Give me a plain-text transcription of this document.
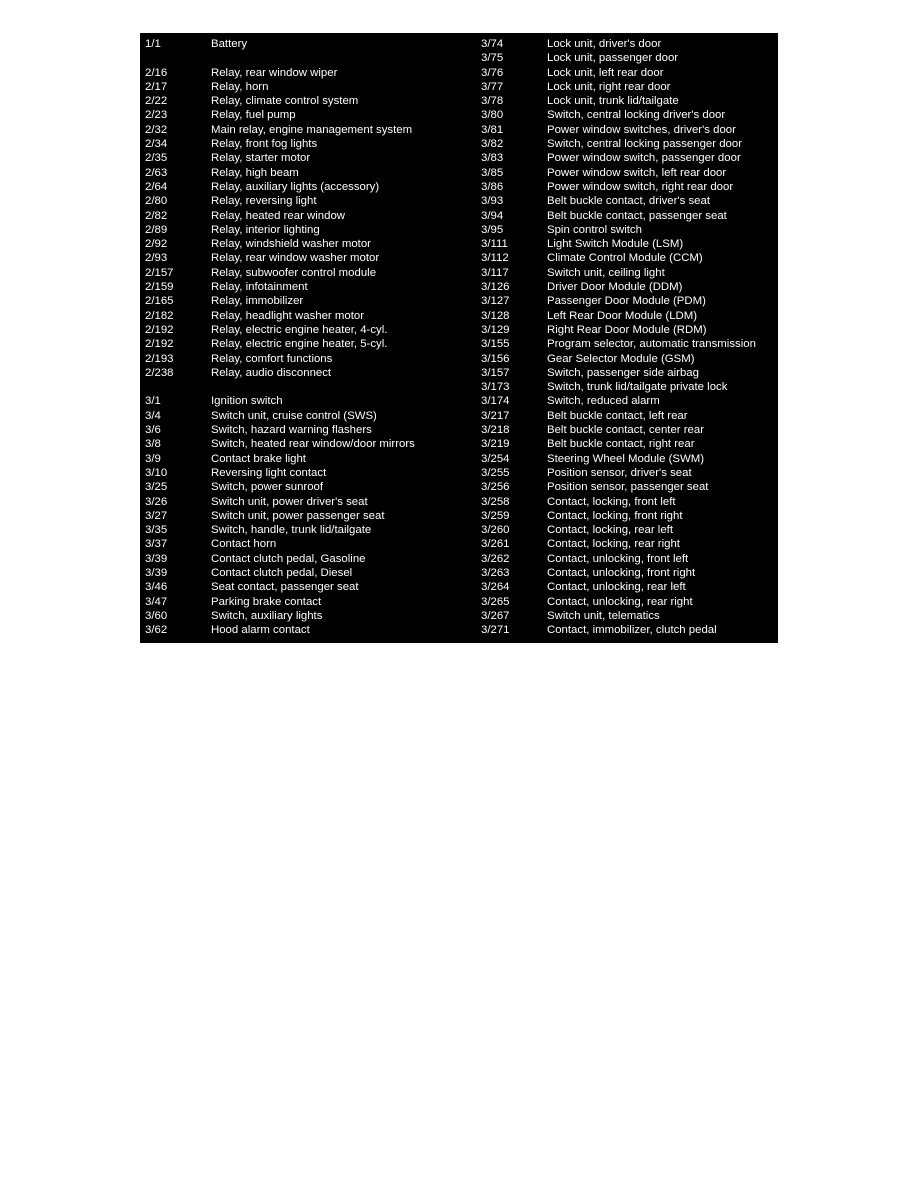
1/1	Battery
2/16	Relay, rear window wiper
2/17	Relay, horn
2/22	Relay, climate control system
2/23	Relay, fuel pump
2/32	Main relay, engine management system
2/34	Relay, front fog lights
2/35	Relay, starter motor
2/63	Relay, high beam
2/64	Relay, auxiliary lights (accessory)
2/80	Relay, reversing light
2/82	Relay, heated rear window
2/89	Relay, interior lighting
2/92	Relay, windshield washer motor
2/93	Relay, rear window washer motor
2/157	Relay, subwoofer control module
2/159	Relay, infotainment
2/165	Relay, immobilizer
2/182	Relay, headlight washer motor
2/192	Relay, electric engine heater, 4-cyl.
2/192	Relay, electric engine heater, 5-cyl.
2/193	Relay, comfort functions
2/238	Relay, audio disconnect
3/1	Ignition switch
3/4	Switch unit, cruise control (SWS)
3/6	Switch, hazard warning flashers
3/8	Switch, heated rear window/door mirrors
3/9	Contact brake light
3/10	Reversing light contact
3/25	Switch, power sunroof
3/26	Switch unit, power driver's seat
3/27	Switch unit, power passenger seat
3/35	Switch, handle, trunk lid/tailgate
3/37	Contact horn
3/39	Contact clutch pedal, Gasoline
3/39	Contact clutch pedal, Diesel
3/46	Seat contact, passenger seat
3/47	Parking brake contact
3/60	Switch, auxiliary lights
3/62	Hood alarm contact
3/74	Lock unit, driver's door
3/75	Lock unit, passenger door
3/76	Lock unit, left rear door
3/77	Lock unit, right rear door
3/78	Lock unit, trunk lid/tailgate
3/80	Switch, central locking driver's door
3/81	Power window switches, driver's door
3/82	Switch, central locking passenger door
3/83	Power window switch, passenger door
3/85	Power window switch, left rear door
3/86	Power window switch, right rear door
3/93	Belt buckle contact, driver's seat
3/94	Belt buckle contact, passenger seat
3/95	Spin control switch
3/111	Light Switch Module (LSM)
3/112	Climate Control Module (CCM)
3/117	Switch unit, ceiling light
3/126	Driver Door Module (DDM)
3/127	Passenger Door Module (PDM)
3/128	Left Rear Door Module (LDM)
3/129	Right Rear Door Module (RDM)
3/155	Program selector, automatic transmission
3/156	Gear Selector Module (GSM)
3/157	Switch, passenger side airbag
3/173	Switch, trunk lid/tailgate private lock
3/174	Switch, reduced alarm
3/217	Belt buckle contact, left rear
3/218	Belt buckle contact, center rear
3/219	Belt buckle contact, right rear
3/254	Steering Wheel Module (SWM)
3/255	Position sensor, driver's seat
3/256	Position sensor, passenger seat
3/258	Contact, locking, front left
3/259	Contact, locking, front right
3/260	Contact, locking, rear left
3/261	Contact, locking, rear right
3/262	Contact, unlocking, front left
3/263	Contact, unlocking, front right
3/264	Contact, unlocking, rear left
3/265	Contact, unlocking, rear right
3/267	Switch unit, telematics
3/271	Contact, immobilizer, clutch pedal
